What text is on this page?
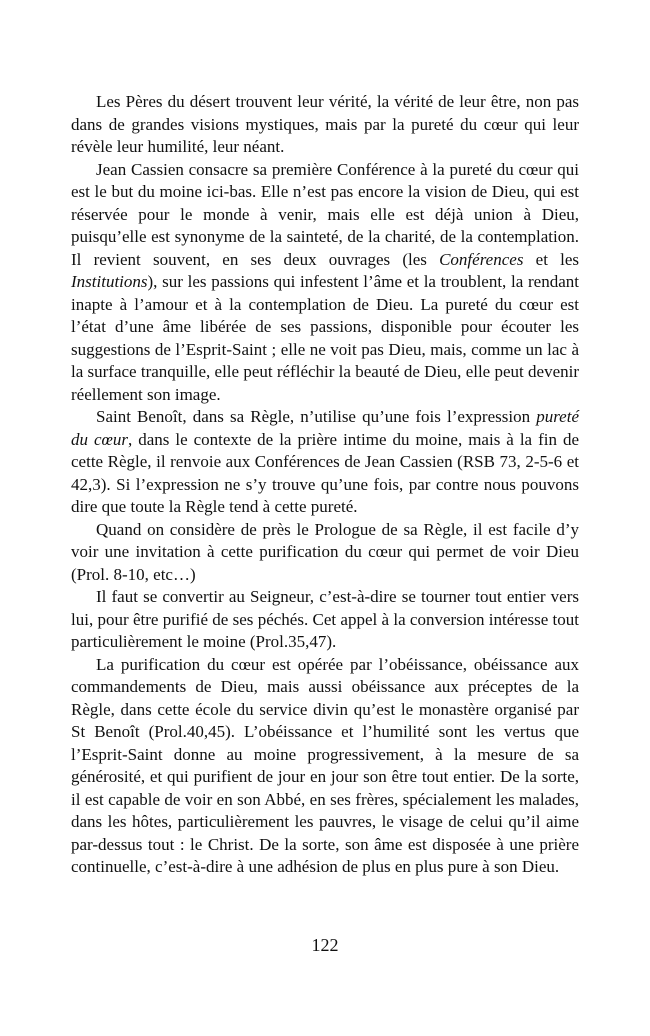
Les Pères du désert trouvent leur vérité, la vérité de leur être, non pas dans de grandes visions mystiques, mais par la pureté du cœur qui leur révèle leur humilité, leur néant.

Jean Cassien consacre sa première Conférence à la pureté du cœur qui est le but du moine ici-bas. Elle n’est pas encore la vision de Dieu, qui est réservée pour le monde à venir, mais elle est déjà union à Dieu, puisqu’elle est synonyme de la sainteté, de la charité, de la contemplation. Il revient souvent, en ses deux ouvrages (les Conférences et les Institutions), sur les passions qui infestent l’âme et la troublent, la rendant inapte à l’amour et à la contemplation de Dieu. La pureté du cœur est l’état d’une âme libérée de ses passions, disponible pour écouter les suggestions de l’Esprit-Saint ; elle ne voit pas Dieu, mais, comme un lac à la surface tranquille, elle peut réfléchir la beauté de Dieu, elle peut devenir réellement son image.

Saint Benoît, dans sa Règle, n’utilise qu’une fois l’expression pureté du cœur, dans le contexte de la prière intime du moine, mais à la fin de cette Règle, il renvoie aux Conférences de Jean Cassien (RSB 73, 2-5-6 et 42,3). Si l’expression ne s’y trouve qu’une fois, par contre nous pouvons dire que toute la Règle tend à cette pureté.

Quand on considère de près le Prologue de sa Règle, il est facile d’y voir une invitation à cette purification du cœur qui permet de voir Dieu (Prol. 8-10, etc…)

Il faut se convertir au Seigneur, c’est-à-dire se tourner tout entier vers lui, pour être purifié de ses péchés. Cet appel à la conversion intéresse tout particulièrement le moine (Prol.35,47).

La purification du cœur est opérée par l’obéissance, obéissance aux commandements de Dieu, mais aussi obéissance aux préceptes de la Règle, dans cette école du service divin qu’est le monastère organisé par St Benoît (Prol.40,45). L’obéissance et l’humilité sont les vertus que l’Esprit-Saint donne au moine progressivement, à la mesure de sa générosité, et qui purifient de jour en jour son être tout entier. De la sorte, il est capable de voir en son Abbé, en ses frères, spécialement les malades, dans les hôtes, particulièrement les pauvres, le visage de celui qu’il aime par-dessus tout : le Christ. De la sorte, son âme est disposée à une prière continuelle, c’est-à-dire à une adhésion de plus en plus pure à son Dieu.

122
